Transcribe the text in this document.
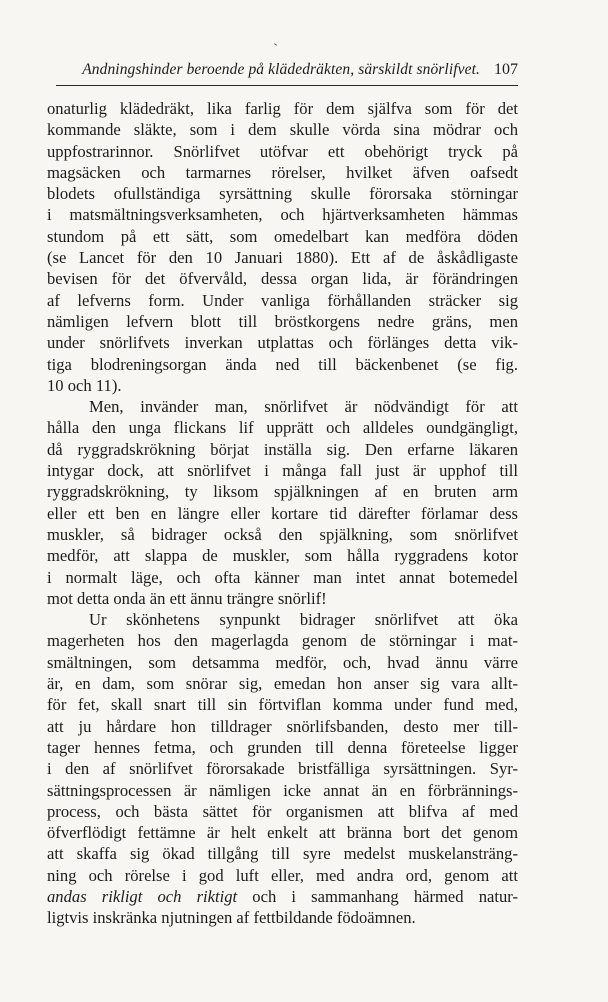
Andningshinder beroende på klädedräkten, särskildt snörlifvet. 107
onaturlig klädedräkt, lika farlig för dem själfva som för det
kommande släkte, som i dem skulle vörda sina mödrar och
uppfostrarinnor. Snörlifvet utöfvar ett obehörigt tryck på
magsäcken och tarmarnes rörelser, hvilket äfven oafsedt
blodets ofullständiga syrsättning skulle förorsaka störningar
i matsmältningsverksamheten, och hjärtverksamheten hämmas
stundom på ett sätt, som omedelbart kan medföra döden
(se Lancet för den 10 Januari 1880). Ett af de åskådligaste
bevisen för det öfvervåld, dessa organ lida, är förändringen
af lefverns form. Under vanliga förhållanden sträcker sig
nämligen lefvern blott till bröstkorgens nedre gräns, men
under snörlifvets inverkan utplattas och förlänges detta vik-
tiga blodreningsorgan ända ned till bäckenbenet (se fig.
10 och 11).
Men, invänder man, snörlifvet är nödvändigt för att
hålla den unga flickans lif upprätt och alldeles oundgängligt,
då ryggradskrökning börjat inställa sig. Den erfarne läkaren
intygar dock, att snörlifvet i många fall just är upphof till
ryggradskrökning, ty liksom spjälkningen af en bruten arm
eller ett ben en längre eller kortare tid därefter förlamar dess
muskler, så bidrager också den spjälkning, som snörlifvet
medför, att slappa de muskler, som hålla ryggradens kotor
i normalt läge, och ofta känner man intet annat botemedel
mot detta onda än ett ännu trängre snörlif!
Ur skönhetens synpunkt bidrager snörlifvet att öka
magerheten hos den magerlagda genom de störningar i mat-
smältningen, som detsamma medför, och, hvad ännu värre
är, en dam, som snörar sig, emedan hon anser sig vara allt-
för fet, skall snart till sin förtviflan komma under fund med,
att ju hårdare hon tilldrager snörlifsbanden, desto mer till-
tager hennes fetma, och grunden till denna företeelse ligger
i den af snörlifvet förorsakade bristfälliga syrsättningen. Syr-
sättningsprocessen är nämligen icke annat än en förbrännings-
process, och bästa sättet för organismen att blifva af med
öfverflödigt fettämne är helt enkelt att bränna bort det genom
att skaffa sig ökad tillgång till syre medelst muskelansträng-
ning och rörelse i god luft eller, med andra ord, genom att
andas rikligt och riktigt och i sammanhang härmed natur-
ligtvis inskränka njutningen af fettbildande födoämnen.
